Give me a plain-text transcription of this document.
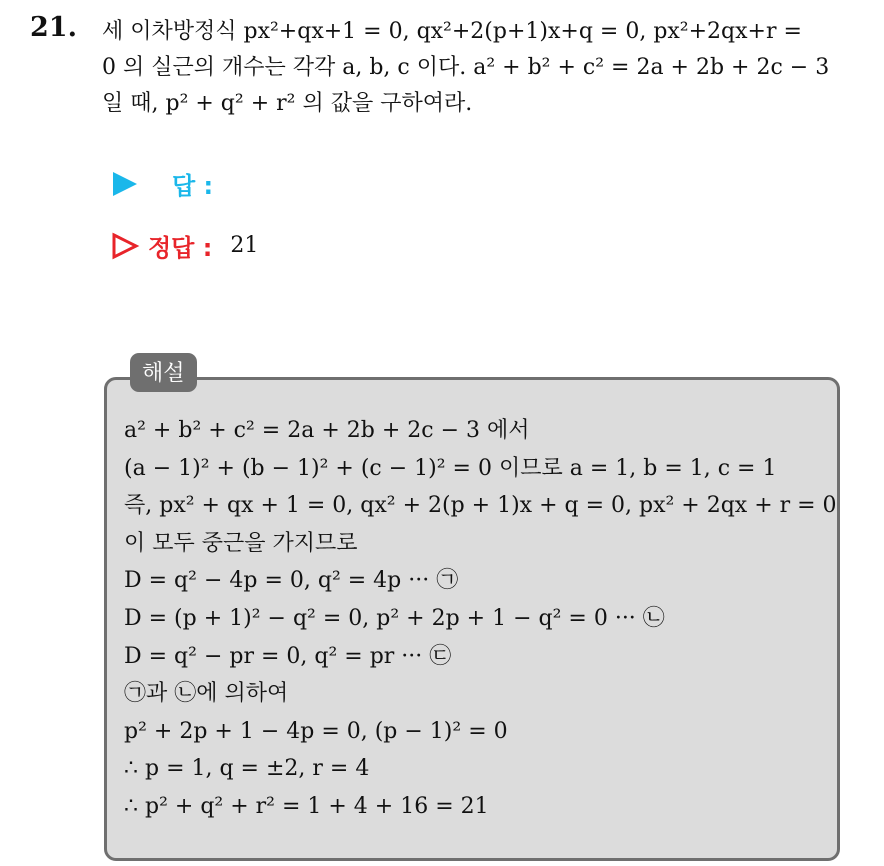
21. 세 이차방정식 px²+qx+1 = 0, qx²+2(p+1)x+q = 0, px²+2qx+r =
0 의 실근의 개수는 각각 a, b, c 이다. a² + b² + c² = 2a + 2b + 2c − 3
일 때, p² + q² + r² 의 값을 구하여라.
답 :
정답 : 21
해설
a² + b² + c² = 2a + 2b + 2c − 3 에서
(a − 1)² + (b − 1)² + (c − 1)² = 0 이므로 a = 1, b = 1, c = 1
즉, px² + qx + 1 = 0, qx² + 2(p + 1)x + q = 0, px² + 2qx + r = 0
이 모두 중근을 가지므로
D = q² − 4p = 0, q² = 4p ··· ㉠
D = (p + 1)² − q² = 0, p² + 2p + 1 − q² = 0 ··· ㉡
D = q² − pr = 0, q² = pr ··· ㉢
㉠과 ㉡에 의하여
p² + 2p + 1 − 4p = 0, (p − 1)² = 0
∴ p = 1, q = ±2, r = 4
∴ p² + q² + r² = 1 + 4 + 16 = 21
